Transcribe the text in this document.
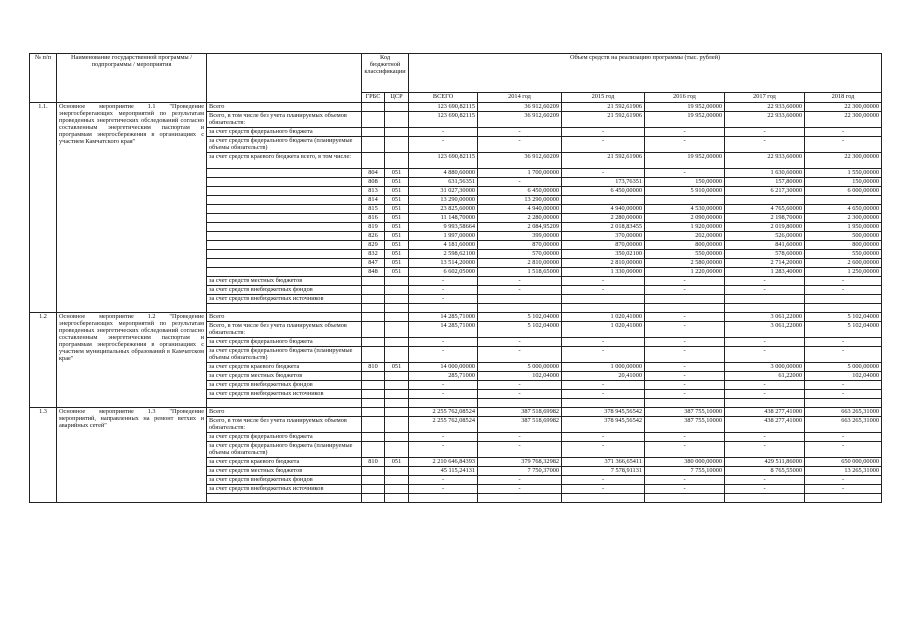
№ п/п	Наименование государственной программы / подпрограммы / мероприятия		Код бюджетной классификации		Объем средств на реализацию программы (тыс. рублей)					
			ГРБС	ЦСР	ВСЕГО	2014 год	2015 год	2016 год	2017 год	2018 год
1.1.	Основное мероприятие 1.1 "Проведение энергосберегающих мероприятий по результатам проведенных энергетических обследований согласно составленным энергетическим паспортам и программам энергосбережения в организациях с участием Камчатского края"	Всего			123 690,82115	36 912,60209	21 592,61906	19 952,00000	22 933,60000	22 300,00000
		Всего, в том числе без учета планируемых объемов обязательств:			123 690,82115	36 912,60209	21 592,61906	19 952,00000	22 933,60000	22 300,00000
		за счет средств федерального бюджета			-	-	-	-	-	-
		за счет средств федерального бюджета (планируемые объемы обязательств)			-	-	-	-	-	-
		за счет средств краевого бюджета всего, в том числе:			123 690,82115	36 912,60209	21 592,61906	19 952,00000	22 933,60000	22 300,00000
			804	051	4 880,60000	1 700,00000	-	-	1 630,60000	1 550,00000
			808	051	631,56351	-	173,76351	150,00000	157,80000	150,00000
			813	051	31 027,30000	6 450,00000	6 450,00000	5 910,00000	6 217,30000	6 000,00000
			814	051	13 290,00000	13 290,00000				
			815	051	23 825,60000	4 940,00000	4 940,00000	4 530,00000	4 765,60000	4 650,00000
			816	051	11 148,70000	2 280,00000	2 280,00000	2 090,00000	2 198,70000	2 300,00000
			819	051	9 993,58664	2 084,95209	2 018,83455	1 920,00000	2 019,80000	1 950,00000
			826	051	1 997,00000	399,00000	370,00000	202,00000	526,00000	500,00000
			829	051	4 181,60000	870,00000	870,00000	800,00000	841,60000	800,00000
			832	051	2 598,62100	570,00000	350,02100	550,00000	578,60000	550,00000
			847	051	13 514,20000	2 810,00000	2 810,00000	2 580,00000	2 714,20000	2 600,00000
			848	051	6 602,05000	1 518,65000	1 330,00000	1 220,00000	1 283,40000	1 250,00000
		за счет средств местных бюджетов			-	-	-	-	-	-
		за счет средств внебюджетных фондов			-	-	-	-	-	-
		за счет средств внебюджетных источников			-					

1.2	Основное мероприятие 1.2 "Проведение энергосберегающих мероприятий по результатам проведенных энергетических обследований согласно составленным энергетическим паспортам и программам энергосбережения в организациях с участием муниципальных образований в Камчатском крае"	Всего			14 285,71000	5 102,04000	1 020,41000	-	3 061,22000	5 102,04000
		Всего, в том числе без учета планируемых объемов обязательств:			14 285,71000	5 102,04000	1 020,41000	-	3 061,22000	5 102,04000
		за счет средств федерального бюджета			-	-	-	-	-	-
		за счет средств федерального бюджета (планируемые объемы обязательств)			-	-	-	-	-	-
		за счет средств краевого бюджета	810	051	14 000,00000	5 000,00000	1 000,00000	-	3 000,00000	5 000,00000
		за счет средств местных бюджетов			285,71000	102,04000	20,41000	-	61,22000	102,04000
		за счет средств внебюджетных фондов			-	-	-	-	-	-
		за счет средств внебюджетных источников			-	-	-	-	-	-

1.3	Основное мероприятие 1.3 "Проведение мероприятий, направленных на ремонт ветхих и аварийных сетей"	Всего			2 255 762,08524	387 518,69982	378 945,56542	387 755,10000	438 277,41000	663 265,31000
		Всего, в том числе без учета планируемых объемов обязательств:			2 255 762,08524	387 518,69982	378 945,56542	387 755,10000	438 277,41000	663 265,31000
		за счет средств федерального бюджета			-	-	-	-	-	-
		за счет средств федерального бюджета (планируемые объемы обязательств)			-	-	-	-	-	-
		за счет средств краевого бюджета	810	051	2 210 646,84393	379 768,32982	371 366,65411	380 000,00000	429 511,86000	650 000,00000
		за счет средств местных бюджетов			45 115,24131	7 750,37000	7 578,91131	7 755,10000	8 765,55000	13 265,31000
		за счет средств внебюджетных фондов			-	-	-	-	-	-
		за счет средств внебюджетных источников			-	-	-	-	-	-
